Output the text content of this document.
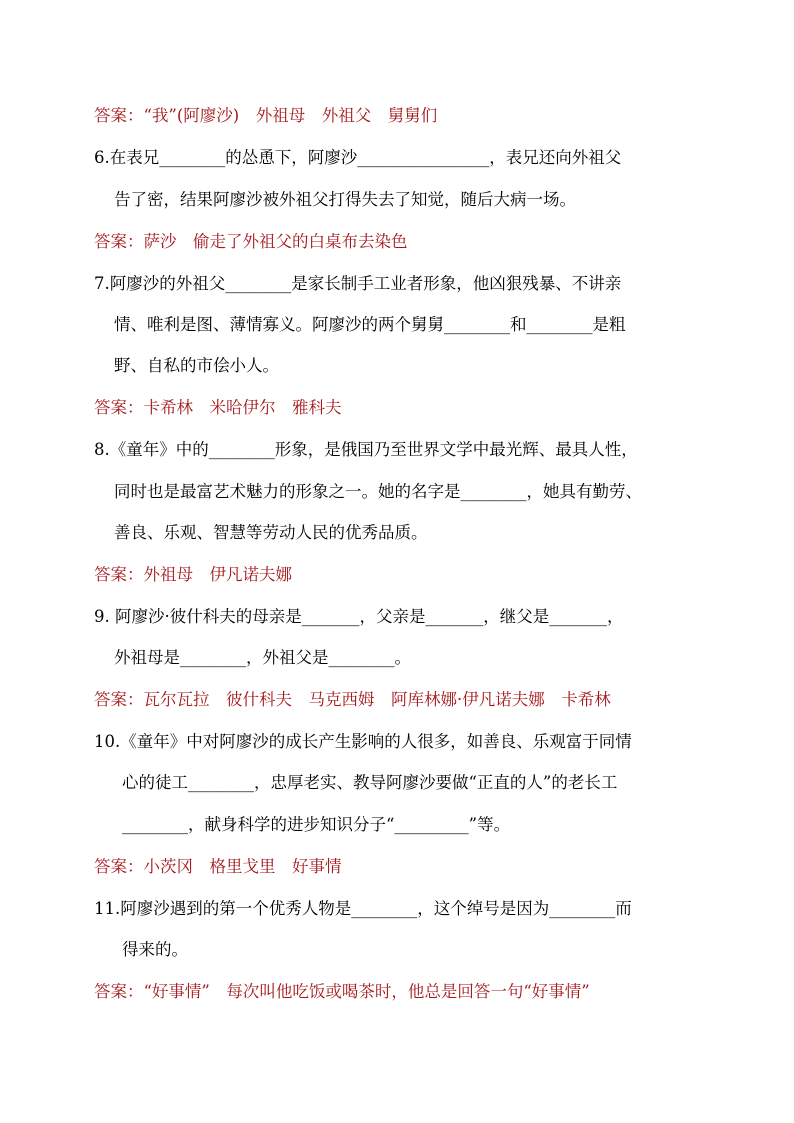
答案：“我”(阿廖沙)　外祖母　外祖父　舅舅们
6.在表兄________的怂恿下，阿廖沙________________，表兄还向外祖父
告了密，结果阿廖沙被外祖父打得失去了知觉，随后大病一场。
答案：萨沙　偷走了外祖父的白桌布去染色
7.阿廖沙的外祖父________是家长制手工业者形象，他凶狠残暴、不讲亲
情、唯利是图、薄情寡义。阿廖沙的两个舅舅________和________是粗
野、自私的市侩小人。
答案：卡希林　米哈伊尔　雅科夫
8.《童年》中的________形象，是俄国乃至世界文学中最光辉、最具人性，
同时也是最富艺术魅力的形象之一。她的名字是________，她具有勤劳、
善良、乐观、智慧等劳动人民的优秀品质。
答案：外祖母　伊凡诺夫娜
9. 阿廖沙·彼什科夫的母亲是_______，父亲是_______，继父是_______，
外祖母是________，外祖父是________。
答案：瓦尔瓦拉　彼什科夫　马克西姆　阿库林娜·伊凡诺夫娜　卡希林
10.《童年》中对阿廖沙的成长产生影响的人很多，如善良、乐观富于同情
心的徒工________，忠厚老实、教导阿廖沙要做“正直的人”的老长工
________，献身科学的进步知识分子“_________”等。
答案：小茨冈　格里戈里　好事情
11.阿廖沙遇到的第一个优秀人物是________，这个绰号是因为________而
得来的。
答案：“好事情”　每次叫他吃饭或喝茶时，他总是回答一句“好事情”
